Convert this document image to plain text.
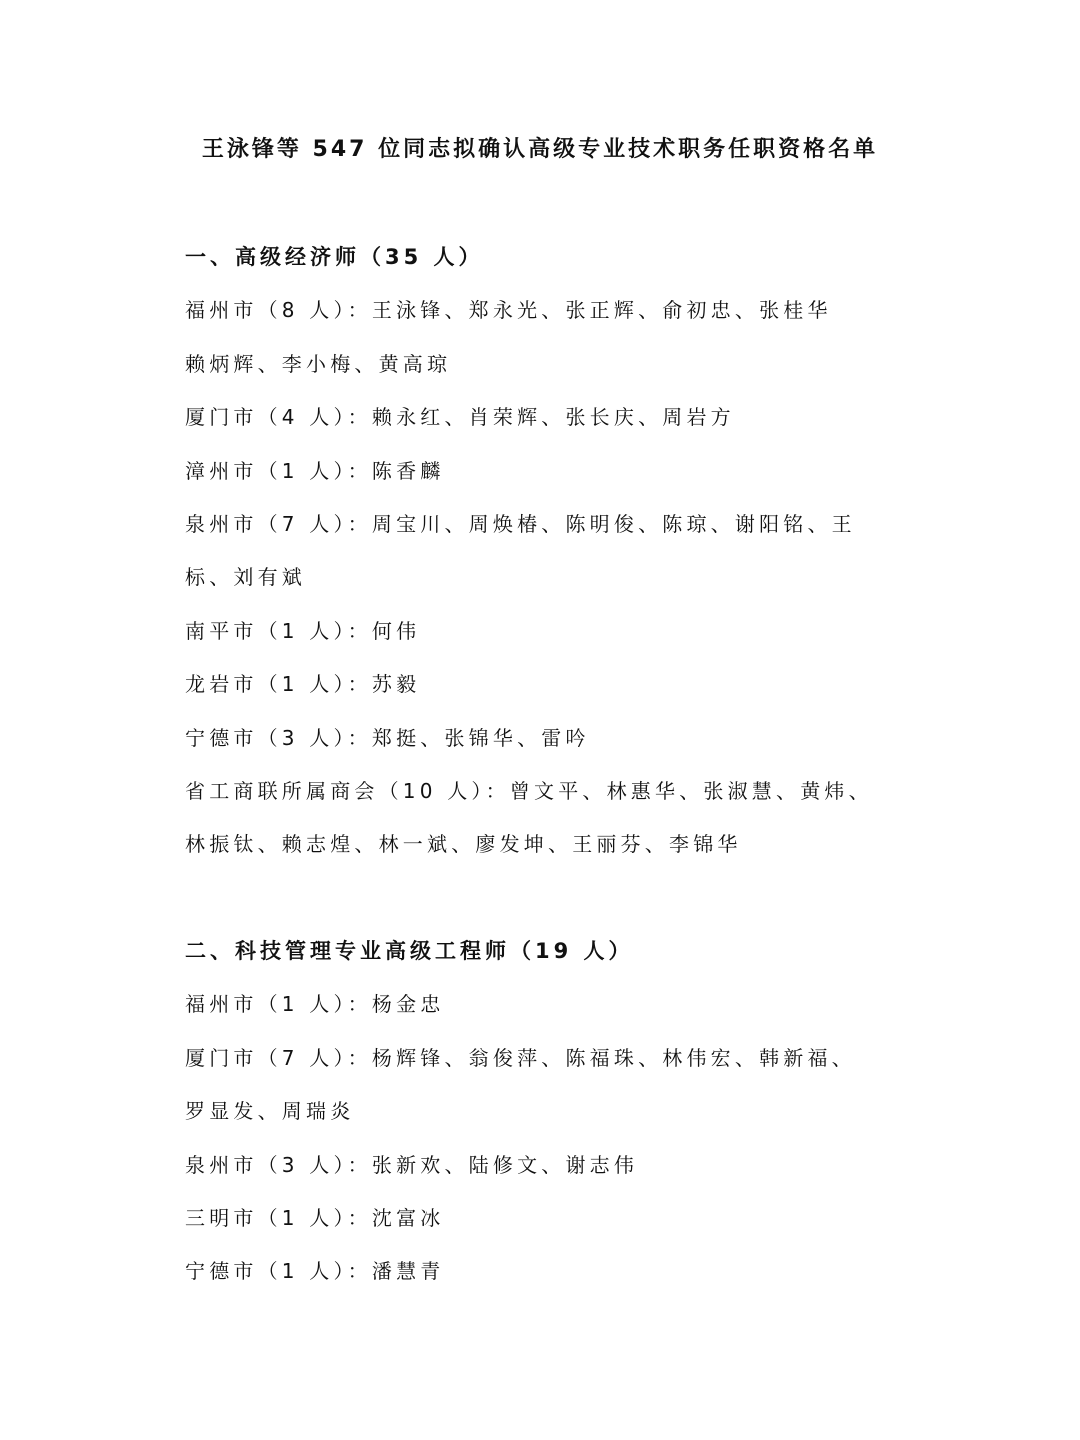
王泳锋等 547 位同志拟确认高级专业技术职务任职资格名单
一、高级经济师（35 人）
福州市（8 人）：王泳锋、郑永光、张正辉、俞初忠、张桂华
赖炳辉、李小梅、黄高琼
厦门市（4 人）：赖永红、肖荣辉、张长庆、周岩方
漳州市（1 人）：陈香麟
泉州市（7 人）：周宝川、周焕椿、陈明俊、陈琼、谢阳铭、王
标、刘有斌
南平市（1 人）：何伟
龙岩市（1 人）：苏毅
宁德市（3 人）：郑挺、张锦华、雷吟
省工商联所属商会（10 人）：曾文平、林惠华、张淑慧、黄炜、
林振钛、赖志煌、林一斌、廖发坤、王丽芬、李锦华
二、科技管理专业高级工程师（19 人）
福州市（1 人）：杨金忠
厦门市（7 人）：杨辉锋、翁俊萍、陈福珠、林伟宏、韩新福、
罗显发、周瑞炎
泉州市（3 人）：张新欢、陆修文、谢志伟
三明市（1 人）：沈富冰
宁德市（1 人）：潘慧青
